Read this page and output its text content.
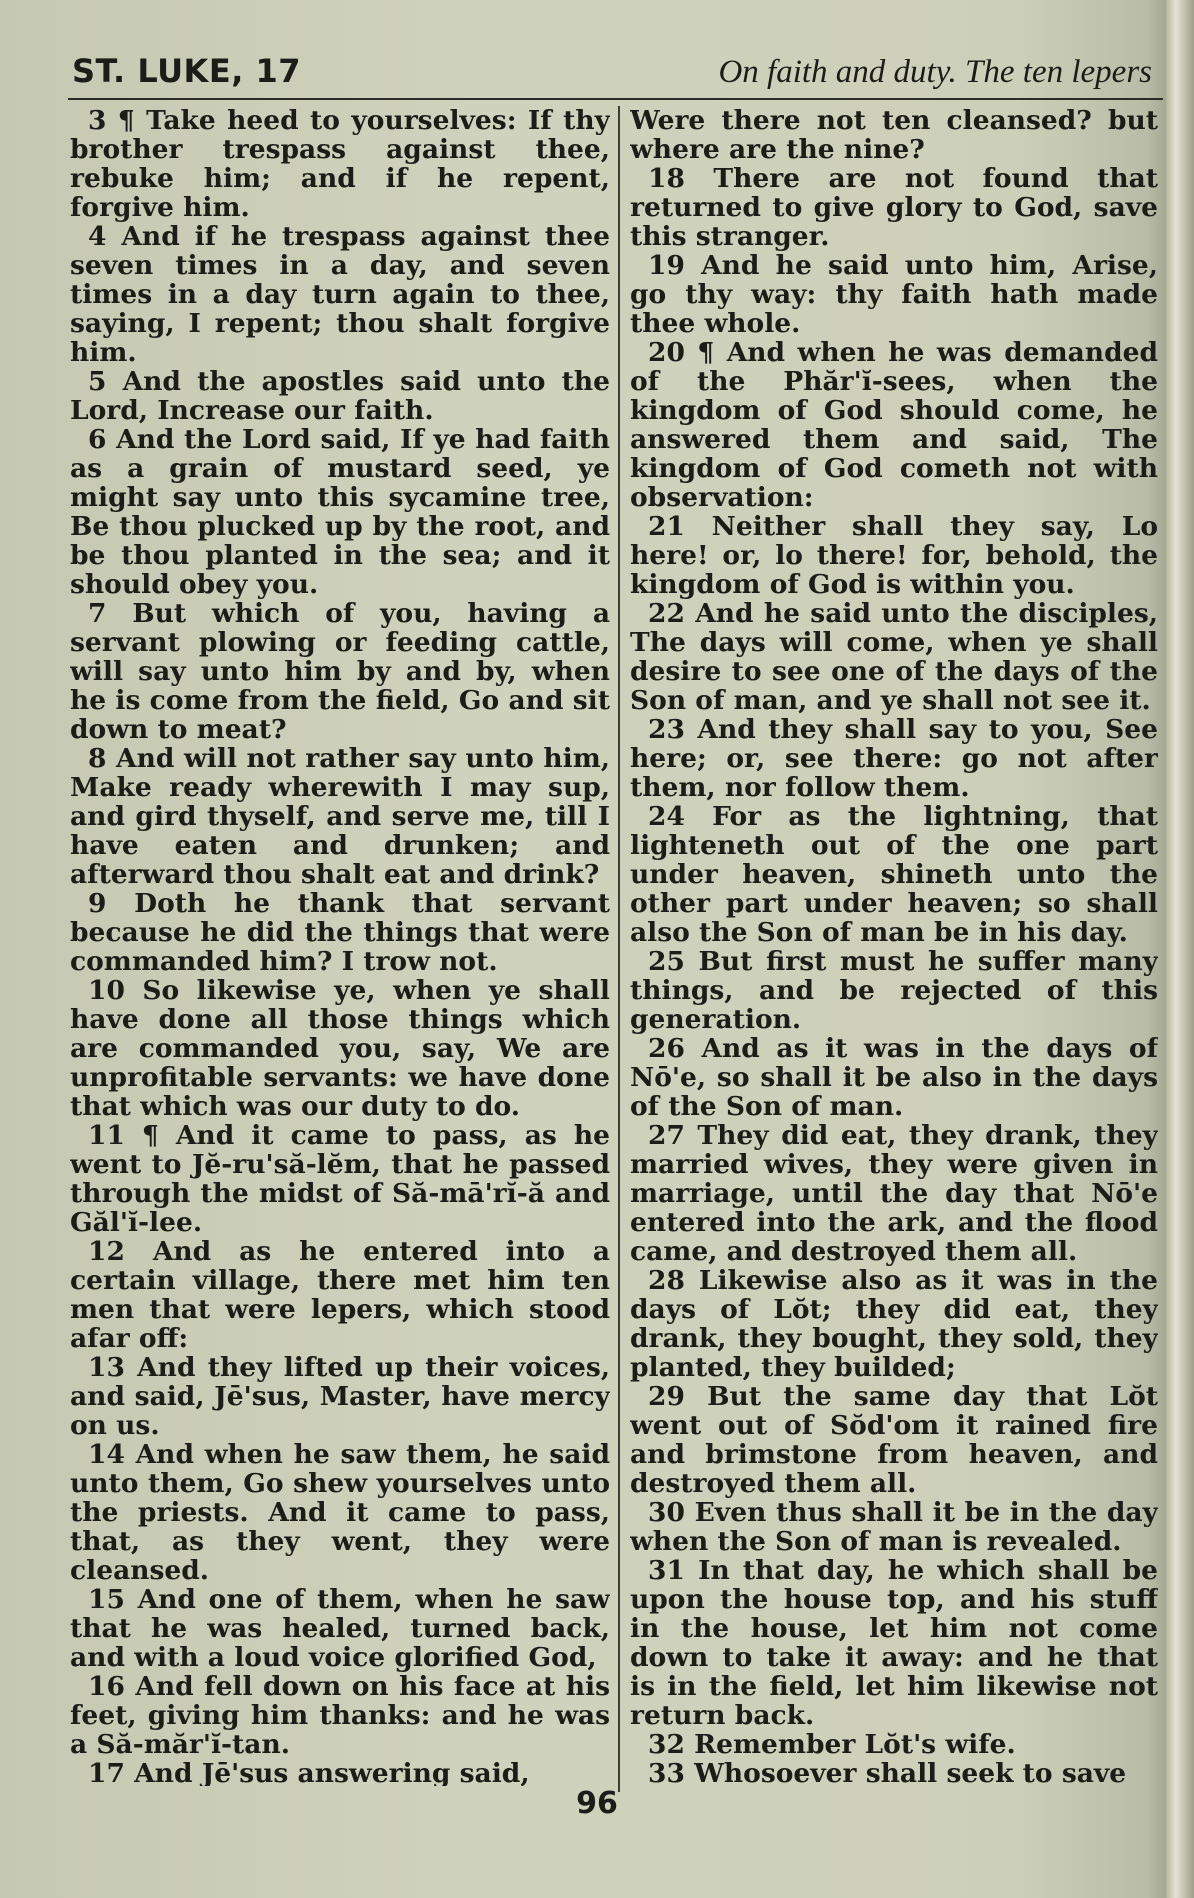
ST. LUKE, 17	On faith and duty. The ten lepers

3 ¶ Take heed to yourselves: If thy brother trespass against thee, rebuke him; and if he repent, forgive him.

4 And if he trespass against thee seven times in a day, and seven times in a day turn again to thee, saying, I repent; thou shalt forgive him.

5 And the apostles said unto the Lord, Increase our faith.

6 And the Lord said, If ye had faith as a grain of mustard seed, ye might say unto this sycamine tree, Be thou plucked up by the root, and be thou planted in the sea; and it should obey you.

7 But which of you, having a servant plowing or feeding cattle, will say unto him by and by, when he is come from the field, Go and sit down to meat?

8 And will not rather say unto him, Make ready wherewith I may sup, and gird thyself, and serve me, till I have eaten and drunken; and afterward thou shalt eat and drink?

9 Doth he thank that servant because he did the things that were commanded him? I trow not.

10 So likewise ye, when ye shall have done all those things which are commanded you, say, We are unprofitable servants: we have done that which was our duty to do.

11 ¶ And it came to pass, as he went to Jĕ-ru'să-lĕm, that he passed through the midst of Să-mā'rĭ-ă and Găl'ĭ-lee.

12 And as he entered into a certain village, there met him ten men that were lepers, which stood afar off:

13 And they lifted up their voices, and said, Jē'sus, Master, have mercy on us.

14 And when he saw them, he said unto them, Go shew yourselves unto the priests. And it came to pass, that, as they went, they were cleansed.

15 And one of them, when he saw that he was healed, turned back, and with a loud voice glorified God,

16 And fell down on his face at his feet, giving him thanks: and he was a Să-măr'ĭ-tan.

17 And Jē'sus answering said,

Were there not ten cleansed? but where are the nine?

18 There are not found that returned to give glory to God, save this stranger.

19 And he said unto him, Arise, go thy way: thy faith hath made thee whole.

20 ¶ And when he was demanded of the Phăr'ĭ-sees, when the kingdom of God should come, he answered them and said, The kingdom of God cometh not with observation:

21 Neither shall they say, Lo here! or, lo there! for, behold, the kingdom of God is within you.

22 And he said unto the disciples, The days will come, when ye shall desire to see one of the days of the Son of man, and ye shall not see it.

23 And they shall say to you, See here; or, see there: go not after them, nor follow them.

24 For as the lightning, that lighteneth out of the one part under heaven, shineth unto the other part under heaven; so shall also the Son of man be in his day.

25 But first must he suffer many things, and be rejected of this generation.

26 And as it was in the days of Nō'e, so shall it be also in the days of the Son of man.

27 They did eat, they drank, they married wives, they were given in marriage, until the day that Nō'e entered into the ark, and the flood came, and destroyed them all.

28 Likewise also as it was in the days of Lŏt; they did eat, they drank, they bought, they sold, they planted, they builded;

29 But the same day that Lŏt went out of Sŏd'om it rained fire and brimstone from heaven, and destroyed them all.

30 Even thus shall it be in the day when the Son of man is revealed.

31 In that day, he which shall be upon the house top, and his stuff in the house, let him not come down to take it away: and he that is in the field, let him likewise not return back.

32 Remember Lŏt's wife.

33 Whosoever shall seek to save

96
